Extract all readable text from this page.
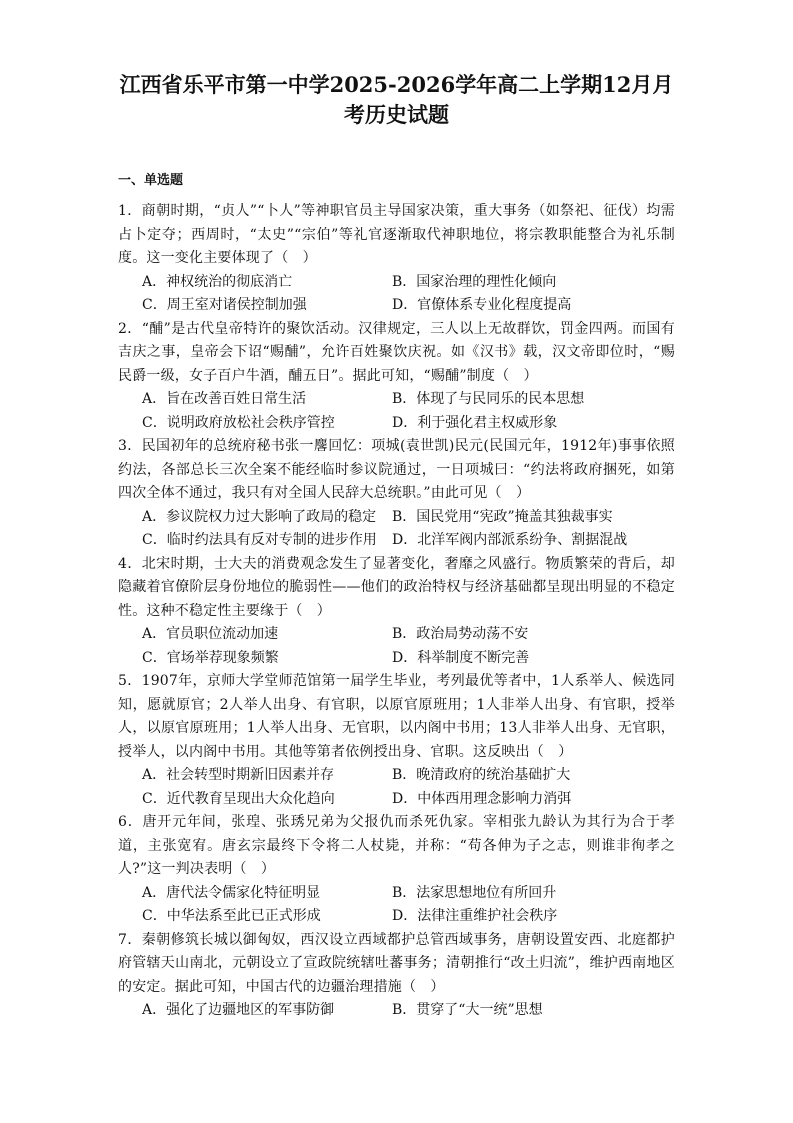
江西省乐平市第一中学2025-2026学年高二上学期12月月
考历史试题
一、单选题
1．商朝时期，“贞人”“卜人”等神职官员主导国家决策，重大事务（如祭祀、征伐）均需占卜定夺；西周时，“太史”“宗伯”等礼官逐渐取代神职地位，将宗教职能整合为礼乐制度。这一变化主要体现了（　）
A．神权统治的彻底消亡	B．国家治理的理性化倾向
C．周王室对诸侯控制加强	D．官僚体系专业化程度提高
2．“酺”是古代皇帝特许的聚饮活动。汉律规定，三人以上无故群饮，罚金四两。而国有吉庆之事，皇帝会下诏“赐酺”，允许百姓聚饮庆祝。如《汉书》载，汉文帝即位时，“赐民爵一级，女子百户牛酒，酺五日”。据此可知，“赐酺”制度（　）
A．旨在改善百姓日常生活	B．体现了与民同乐的民本思想
C．说明政府放松社会秩序管控	D．利于强化君主权威形象
3．民国初年的总统府秘书张一麐回忆：项城(袁世凯)民元(民国元年，1912年)事事依照约法，各部总长三次全案不能经临时参议院通过，一日项城曰：“约法将政府捆死，如第四次全体不通过，我只有对全国人民辞大总统职。”由此可见（　）
A．参议院权力过大影响了政局的稳定	B．国民党用“宪政”掩盖其独裁事实
C．临时约法具有反对专制的进步作用	D．北洋军阀内部派系纷争、割据混战
4．北宋时期，士大夫的消费观念发生了显著变化，奢靡之风盛行。物质繁荣的背后，却隐藏着官僚阶层身份地位的脆弱性——他们的政治特权与经济基础都呈现出明显的不稳定性。这种不稳定性主要缘于（　）
A．官员职位流动加速	B．政治局势动荡不安
C．官场举荐现象频繁	D．科举制度不断完善
5．1907年，京师大学堂师范馆第一届学生毕业，考列最优等者中，1人系举人、候选同知，愿就原官；2人举人出身、有官职，以原官原班用；1人非举人出身、有官职，授举人，以原官原班用；1人举人出身、无官职，以内阁中书用；13人非举人出身、无官职，授举人，以内阁中书用。其他等第者依例授出身、官职。这反映出（　）
A．社会转型时期新旧因素并存	B．晚清政府的统治基础扩大
C．近代教育呈现出大众化趋向	D．中体西用理念影响力消弭
6．唐开元年间，张瑝、张琇兄弟为父报仇而杀死仇家。宰相张九龄认为其行为合于孝道，主张宽宥。唐玄宗最终下令将二人杖毙，并称：“苟各伸为子之志，则谁非徇孝之人?”这一判决表明（　）
A．唐代法令儒家化特征明显	B．法家思想地位有所回升
C．中华法系至此已正式形成	D．法律注重维护社会秩序
7．秦朝修筑长城以御匈奴，西汉设立西域都护总管西域事务，唐朝设置安西、北庭都护府管辖天山南北，元朝设立了宣政院统辖吐蕃事务；清朝推行“改土归流”，维护西南地区的安定。据此可知，中国古代的边疆治理措施（　）
A．强化了边疆地区的军事防御	B．贯穿了“大一统”思想
